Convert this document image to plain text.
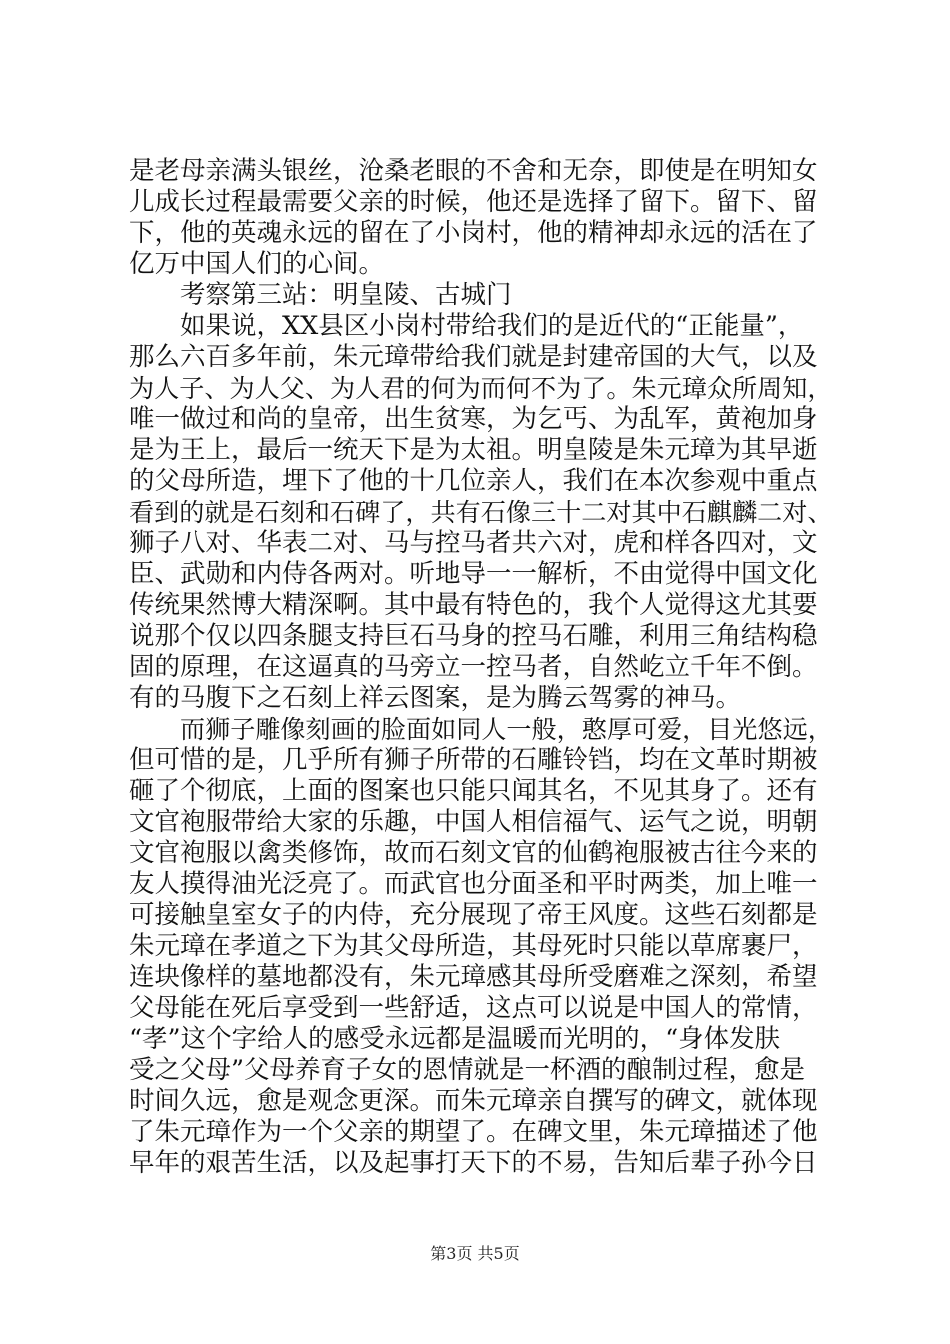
是老母亲满头银丝，沧桑老眼的不舍和无奈，即使是在明知女
儿成长过程最需要父亲的时候，他还是选择了留下。留下、留
下，他的英魂永远的留在了小岗村，他的精神却永远的活在了
亿万中国人们的心间。
考察第三站：明皇陵、古城门
如果说，XX县区小岗村带给我们的是近代的“正能量”，
那么六百多年前，朱元璋带给我们就是封建帝国的大气，以及
为人子、为人父、为人君的何为而何不为了。朱元璋众所周知，
唯一做过和尚的皇帝，出生贫寒，为乞丐、为乱军，黄袍加身
是为王上，最后一统天下是为太祖。明皇陵是朱元璋为其早逝
的父母所造，埋下了他的十几位亲人，我们在本次参观中重点
看到的就是石刻和石碑了，共有石像三十二对其中石麒麟二对、
狮子八对、华表二对、马与控马者共六对，虎和样各四对，文
臣、武勋和内侍各两对。听地导一一解析，不由觉得中国文化
传统果然博大精深啊。其中最有特色的，我个人觉得这尤其要
说那个仅以四条腿支持巨石马身的控马石雕，利用三角结构稳
固的原理，在这逼真的马旁立一控马者，自然屹立千年不倒。
有的马腹下之石刻上祥云图案，是为腾云驾雾的神马。
而狮子雕像刻画的脸面如同人一般，憨厚可爱，目光悠远，
但可惜的是，几乎所有狮子所带的石雕铃铛，均在文革时期被
砸了个彻底，上面的图案也只能只闻其名，不见其身了。还有
文官袍服带给大家的乐趣，中国人相信福气、运气之说，明朝
文官袍服以禽类修饰，故而石刻文官的仙鹤袍服被古往今来的
友人摸得油光泛亮了。而武官也分面圣和平时两类，加上唯一
可接触皇室女子的内侍，充分展现了帝王风度。这些石刻都是
朱元璋在孝道之下为其父母所造，其母死时只能以草席裹尸，
连块像样的墓地都没有，朱元璋感其母所受磨难之深刻，希望
父母能在死后享受到一些舒适，这点可以说是中国人的常情，
“孝”这个字给人的感受永远都是温暖而光明的，“身体发肤
受之父母”父母养育子女的恩情就是一杯酒的酿制过程，愈是
时间久远，愈是观念更深。而朱元璋亲自撰写的碑文，就体现
了朱元璋作为一个父亲的期望了。在碑文里，朱元璋描述了他
早年的艰苦生活，以及起事打天下的不易，告知后辈子孙今日
第3页 共5页
